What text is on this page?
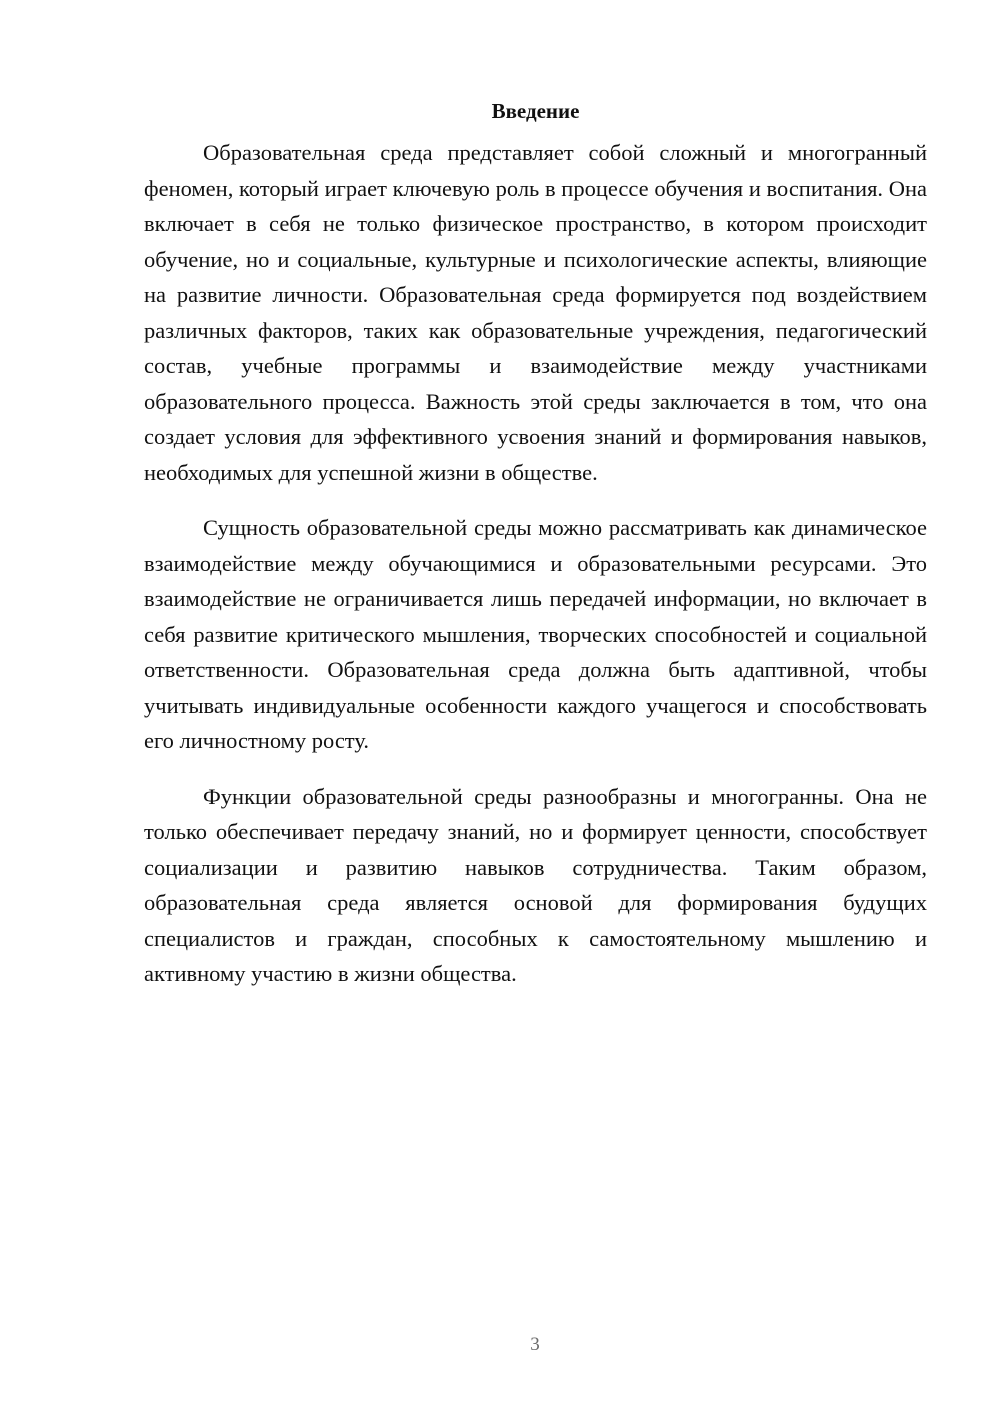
Введение

Образовательная среда представляет собой сложный и многогранный феномен, который играет ключевую роль в процессе обучения и воспитания. Она включает в себя не только физическое пространство, в котором происходит обучение, но и социальные, культурные и психологические аспекты, влияющие на развитие личности. Образовательная среда формируется под воздействием различных факторов, таких как образовательные учреждения, педагогический состав, учебные программы и взаимодействие между участниками образовательного процесса. Важность этой среды заключается в том, что она создает условия для эффективного усвоения знаний и формирования навыков, необходимых для успешной жизни в обществе.

Сущность образовательной среды можно рассматривать как динамическое взаимодействие между обучающимися и образовательными ресурсами. Это взаимодействие не ограничивается лишь передачей информации, но включает в себя развитие критического мышления, творческих способностей и социальной ответственности. Образовательная среда должна быть адаптивной, чтобы учитывать индивидуальные особенности каждого учащегося и способствовать его личностному росту.

Функции образовательной среды разнообразны и многогранны. Она не только обеспечивает передачу знаний, но и формирует ценности, способствует социализации и развитию навыков сотрудничества. Таким образом, образовательная среда является основой для формирования будущих специалистов и граждан, способных к самостоятельному мышлению и активному участию в жизни общества.

3
